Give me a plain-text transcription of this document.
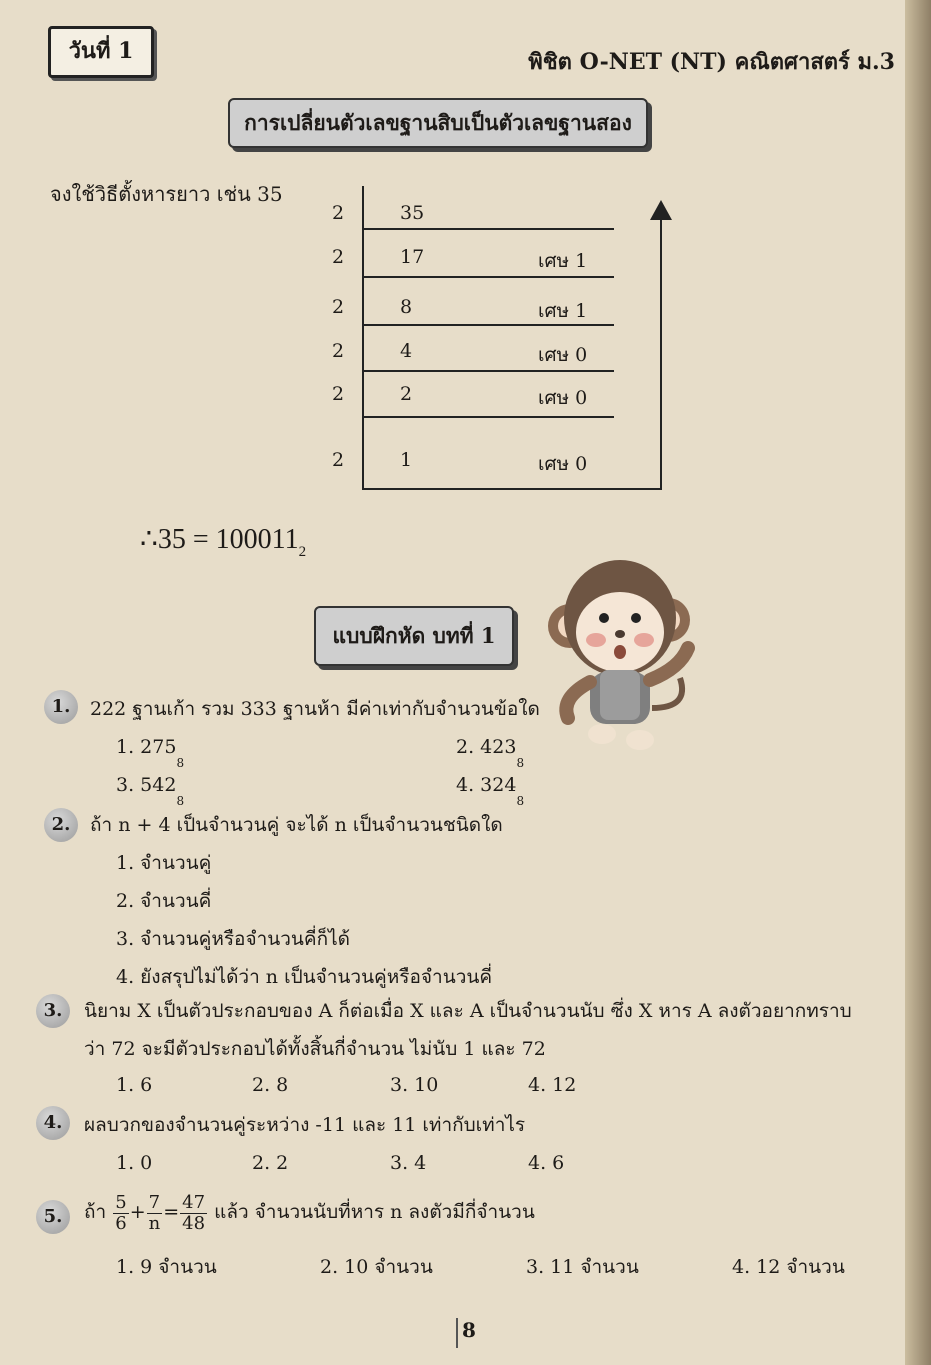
วันที่ 1	พิชิต O-NET (NT) คณิตศาสตร์ ม.3
การเปลี่ยนตัวเลขฐานสิบเป็นตัวเลขฐานสอง
จงใช้วิธีตั้งหารยาว เช่น 35
2	35
2	17	เศษ 1
2	8	เศษ 1
2	4	เศษ 0
2	2	เศษ 0
2	1	เศษ 0
∴35 = $100011_2$
แบบฝึกหัด บทที่ 1
1.	222 ฐานเก้า รวม 333 ฐานห้า มีค่าเท่ากับจำนวนข้อใด
1. $275_8$
2. $423_8$
3. $542_8$
4. $324_8$
2.	ถ้า n + 4 เป็นจำนวนคู่ จะได้ n เป็นจำนวนชนิดใด
1. จำนวนคู่
2. จำนวนคี่
3. จำนวนคู่หรือจำนวนคี่ก็ได้
4. ยังสรุปไม่ได้ว่า n เป็นจำนวนคู่หรือจำนวนคี่
3.	นิยาม X เป็นตัวประกอบของ A ก็ต่อเมื่อ X และ A เป็นจำนวนนับ ซึ่ง X หาร A ลงตัวอยากทราบ
ว่า 72 จะมีตัวประกอบได้ทั้งสิ้นกี่จำนวน ไม่นับ 1 และ 72
1. 6	2. 8	3. 10	4. 12
4.	ผลบวกของจำนวนคู่ระหว่าง -11 และ 11 เท่ากับเท่าไร
1. 0	2. 2	3. 4	4. 6
5.	ถ้า $\frac{5}{6} + \frac{7}{n} = \frac{47}{48}$ แล้ว จำนวนนับที่หาร n ลงตัวมีกี่จำนวน
1. 9 จำนวน	2. 10 จำนวน	3. 11 จำนวน	4. 12 จำนวน
8
